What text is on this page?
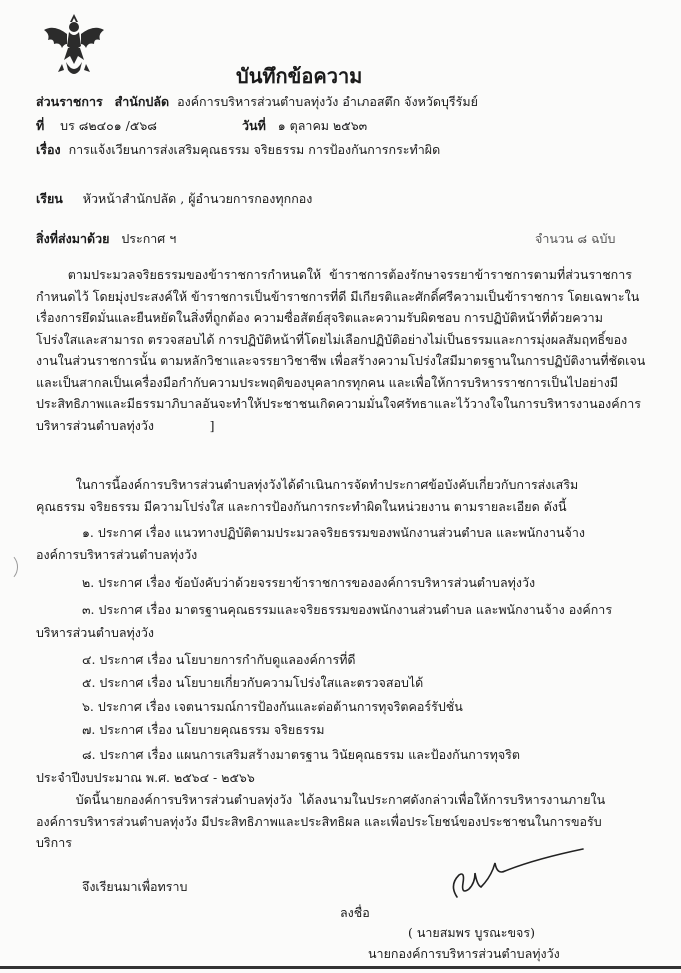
บันทึกข้อความ
ส่วนราชการ สำนักปลัด องค์การบริหารส่วนตำบลทุ่งวัง อำเภอสตึก จังหวัดบุรีรัมย์
ที่ บร ๘๒๔๐๑ /๕๖๘	วันที่ ๑ ตุลาคม ๒๕๖๓
เรื่อง การแจ้งเวียนการส่งเสริมคุณธรรม จริยธรรม การป้องกันการกระทำผิด
เรียน หัวหน้าสำนักปลัด , ผู้อำนวยการกองทุกกอง
สิ่งที่ส่งมาด้วย ประกาศ ฯ	จำนวน ๘ ฉบับ
ตามประมวลจริยธรรมของข้าราชการกำหนดให้  ข้าราชการต้องรักษาจรรยาข้าราชการตามที่ส่วนราชการ
กำหนดไว้ โดยมุ่งประสงค์ให้ ข้าราชการเป็นข้าราชการที่ดี มีเกียรติและศักดิ์ศรีความเป็นข้าราชการ โดยเฉพาะใน
เรื่องการยึดมั่นและยืนหยัดในสิ่งที่ถูกต้อง ความซื่อสัตย์สุจริตและความรับผิดชอบ การปฏิบัติหน้าที่ด้วยความ
โปร่งใสและสามารถ ตรวจสอบได้ การปฏิบัติหน้าที่โดยไม่เลือกปฏิบัติอย่างไม่เป็นธรรมและการมุ่งผลสัมฤทธิ์ของ
งานในส่วนราชการนั้น ตามหลักวิชาและจรรยาวิชาชีพ เพื่อสร้างความโปร่งใสมีมาตรฐานในการปฏิบัติงานที่ชัดเจน
และเป็นสากลเป็นเครื่องมือกำกับความประพฤติของบุคลากรทุกคน และเพื่อให้การบริหารราชการเป็นไปอย่างมี
ประสิทธิภาพและมีธรรมาภิบาลอันจะทำให้ประชาชนเกิดความมั่นใจศรัทธาและไว้วางใจในการบริหารงานองค์การ
บริหารส่วนตำบลทุ่งวัง              ]
ในการนี้องค์การบริหารส่วนตำบลทุ่งวังได้ดำเนินการจัดทำประกาศข้อบังคับเกี่ยวกับการส่งเสริม
คุณธรรม จริยธรรม มีความโปร่งใส และการป้องกันการกระทำผิดในหน่วยงาน ตามรายละเอียด ดังนี้
๑. ประกาศ เรื่อง แนวทางปฏิบัติตามประมวลจริยธรรมของพนักงานส่วนตำบล และพนักงานจ้าง
องค์การบริหารส่วนตำบลทุ่งวัง
๒. ประกาศ เรื่อง ข้อบังคับว่าด้วยจรรยาข้าราชการขององค์การบริหารส่วนตำบลทุ่งวัง
๓. ประกาศ เรื่อง มาตรฐานคุณธรรมและจริยธรรมของพนักงานส่วนตำบล และพนักงานจ้าง องค์การ
บริหารส่วนตำบลทุ่งวัง
๔. ประกาศ เรื่อง นโยบายการกำกับดูแลองค์การที่ดี
๕. ประกาศ เรื่อง นโยบายเกี่ยวกับความโปร่งใสและตรวจสอบได้
๖. ประกาศ เรื่อง เจตนารมณ์การป้องกันและต่อต้านการทุจริตคอร์รัปชั่น
๗. ประกาศ เรื่อง นโยบายคุณธรรม จริยธรรม
๘. ประกาศ เรื่อง แผนการเสริมสร้างมาตรฐาน วินัยคุณธรรม และป้องกันการทุจริต
ประจำปีงบประมาณ พ.ศ. ๒๕๖๔ - ๒๕๖๖
บัดนี้นายกองค์การบริหารส่วนตำบลทุ่งวัง  ได้ลงนามในประกาศดังกล่าวเพื่อให้การบริหารงานภายใน
องค์การบริหารส่วนตำบลทุ่งวัง มีประสิทธิภาพและประสิทธิผล และเพื่อประโยชน์ของประชาชนในการขอรับ
บริการ
จึงเรียนมาเพื่อทราบ
ลงชื่อ
( นายสมพร บูรณะขจร)
นายกองค์การบริหารส่วนตำบลทุ่งวัง
